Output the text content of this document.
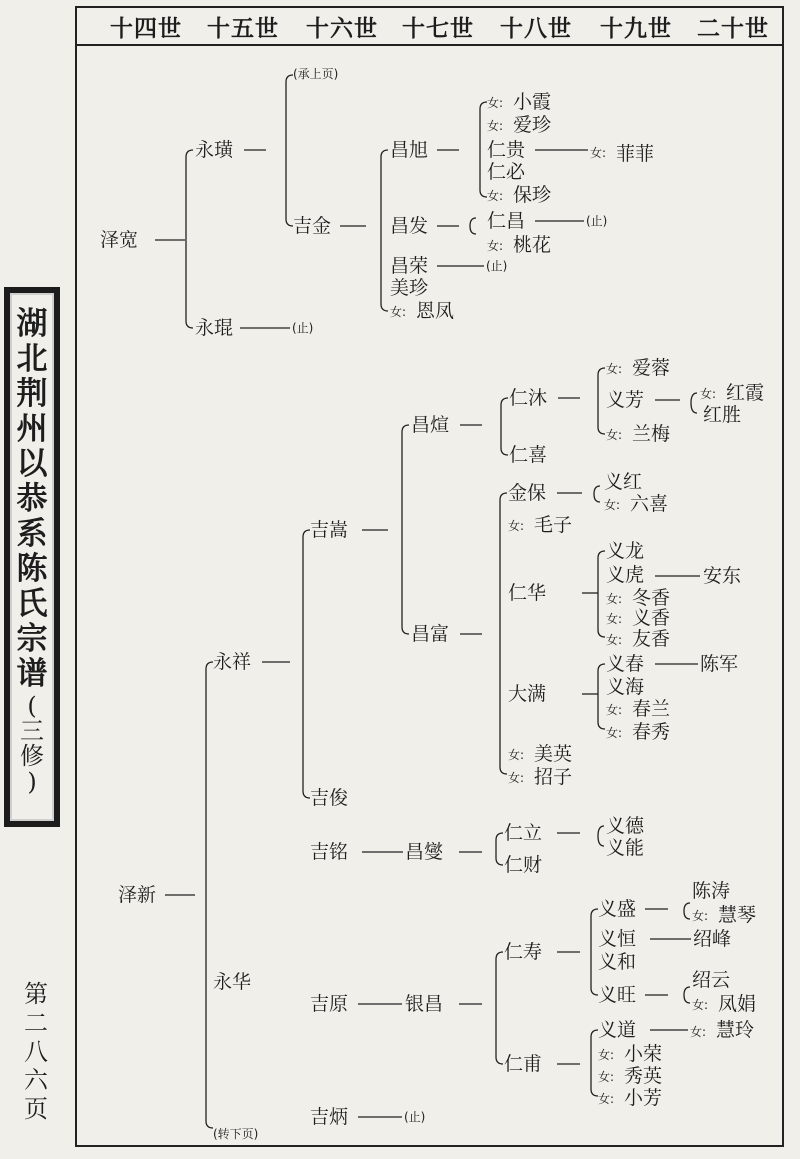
十四世 十五世 十六世 十七世 十八世 十九世 二十世
湖
北
荆
州
以
恭
系
陈
氏
宗
谱
(
三
修
)
第
二
八
六
页
(承上页)
(转下页)
泽宽
永璜
永琨	(止)
吉金
昌旭
昌发
昌荣	(止)
美珍
女: 恩凤
女: 小霞
女: 爱珍
仁贵	女: 菲菲
仁必
女: 保珍
仁昌	(止)
女: 桃花
泽新
永祥
永华
吉嵩
吉俊
吉铭
吉原
吉炳	(止)
昌煊
昌富
昌燮
银昌
仁沐
仁喜
金保
女: 毛子
仁华
大满
女: 美英
女: 招子
仁立
仁财
仁寿
仁甫
女: 爱蓉
义芳
女: 兰梅
女: 红霞
红胜
义红
女: 六喜
义龙
义虎	安东
女: 冬香
女: 义香
女: 友香
义春	陈军
义海
女: 春兰
女: 春秀
义德
义能
义盛
陈涛
女: 慧琴
义恒	绍峰
义和
义旺
绍云
女: 凤娟
义道	女: 慧玲
女: 小荣
女: 秀英
女: 小芳
